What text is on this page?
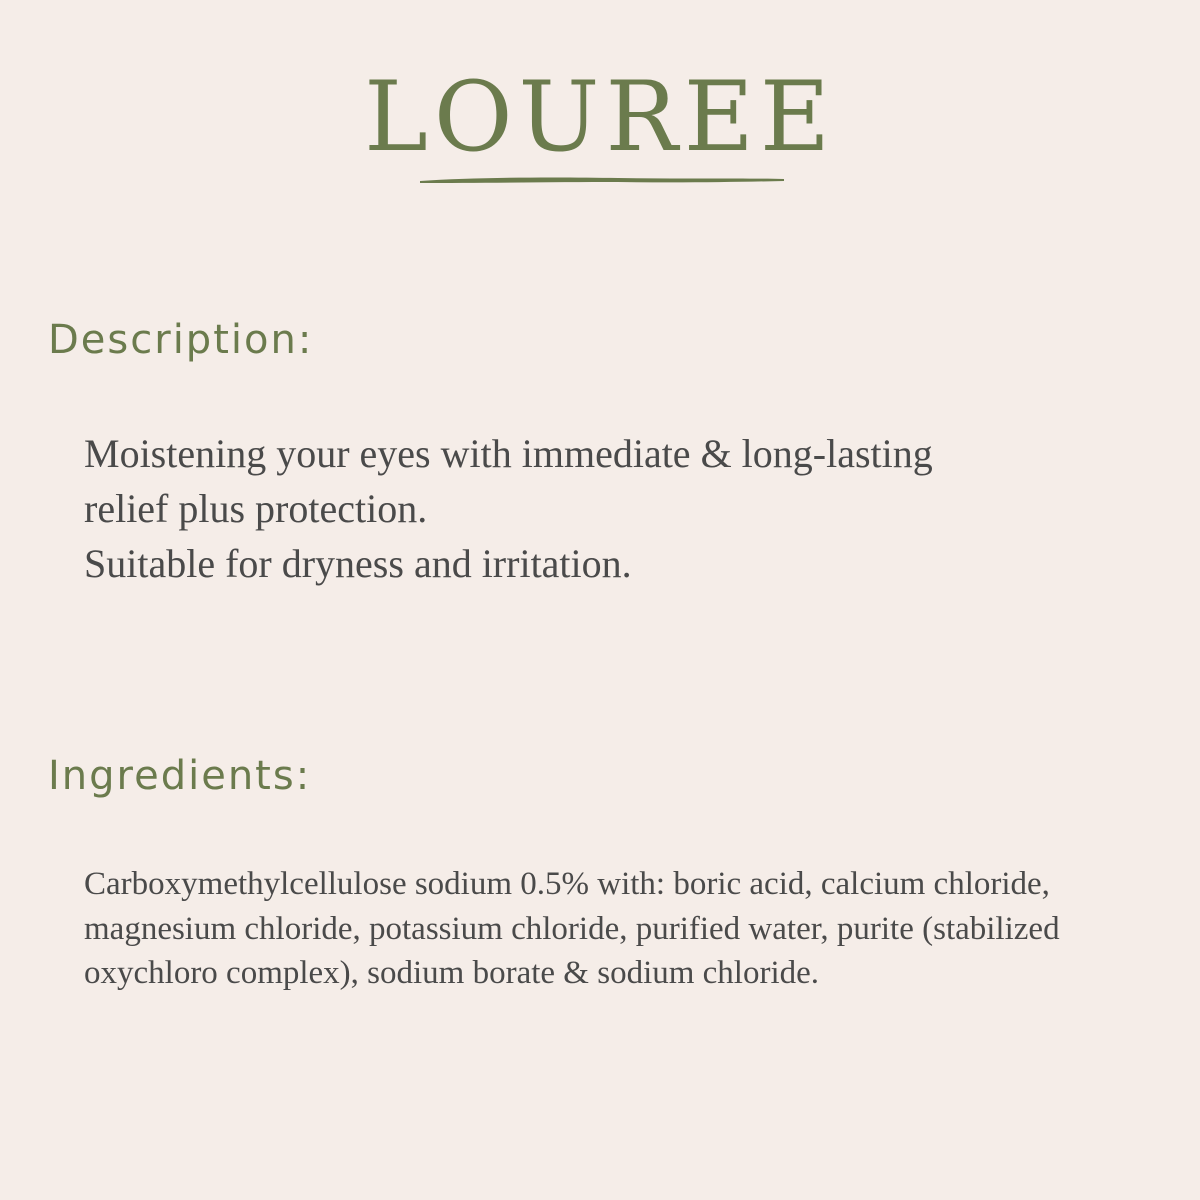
LOUREE
Description:
Moistening your eyes with immediate & long-lasting
relief plus protection.
Suitable for dryness and irritation.
Ingredients:

Carboxymethylcellulose sodium 0.5% with: boric acid, calcium chloride, magnesium chloride, potassium chloride, purified water, purite (stabilized oxychloro complex), sodium borate & sodium chloride.
